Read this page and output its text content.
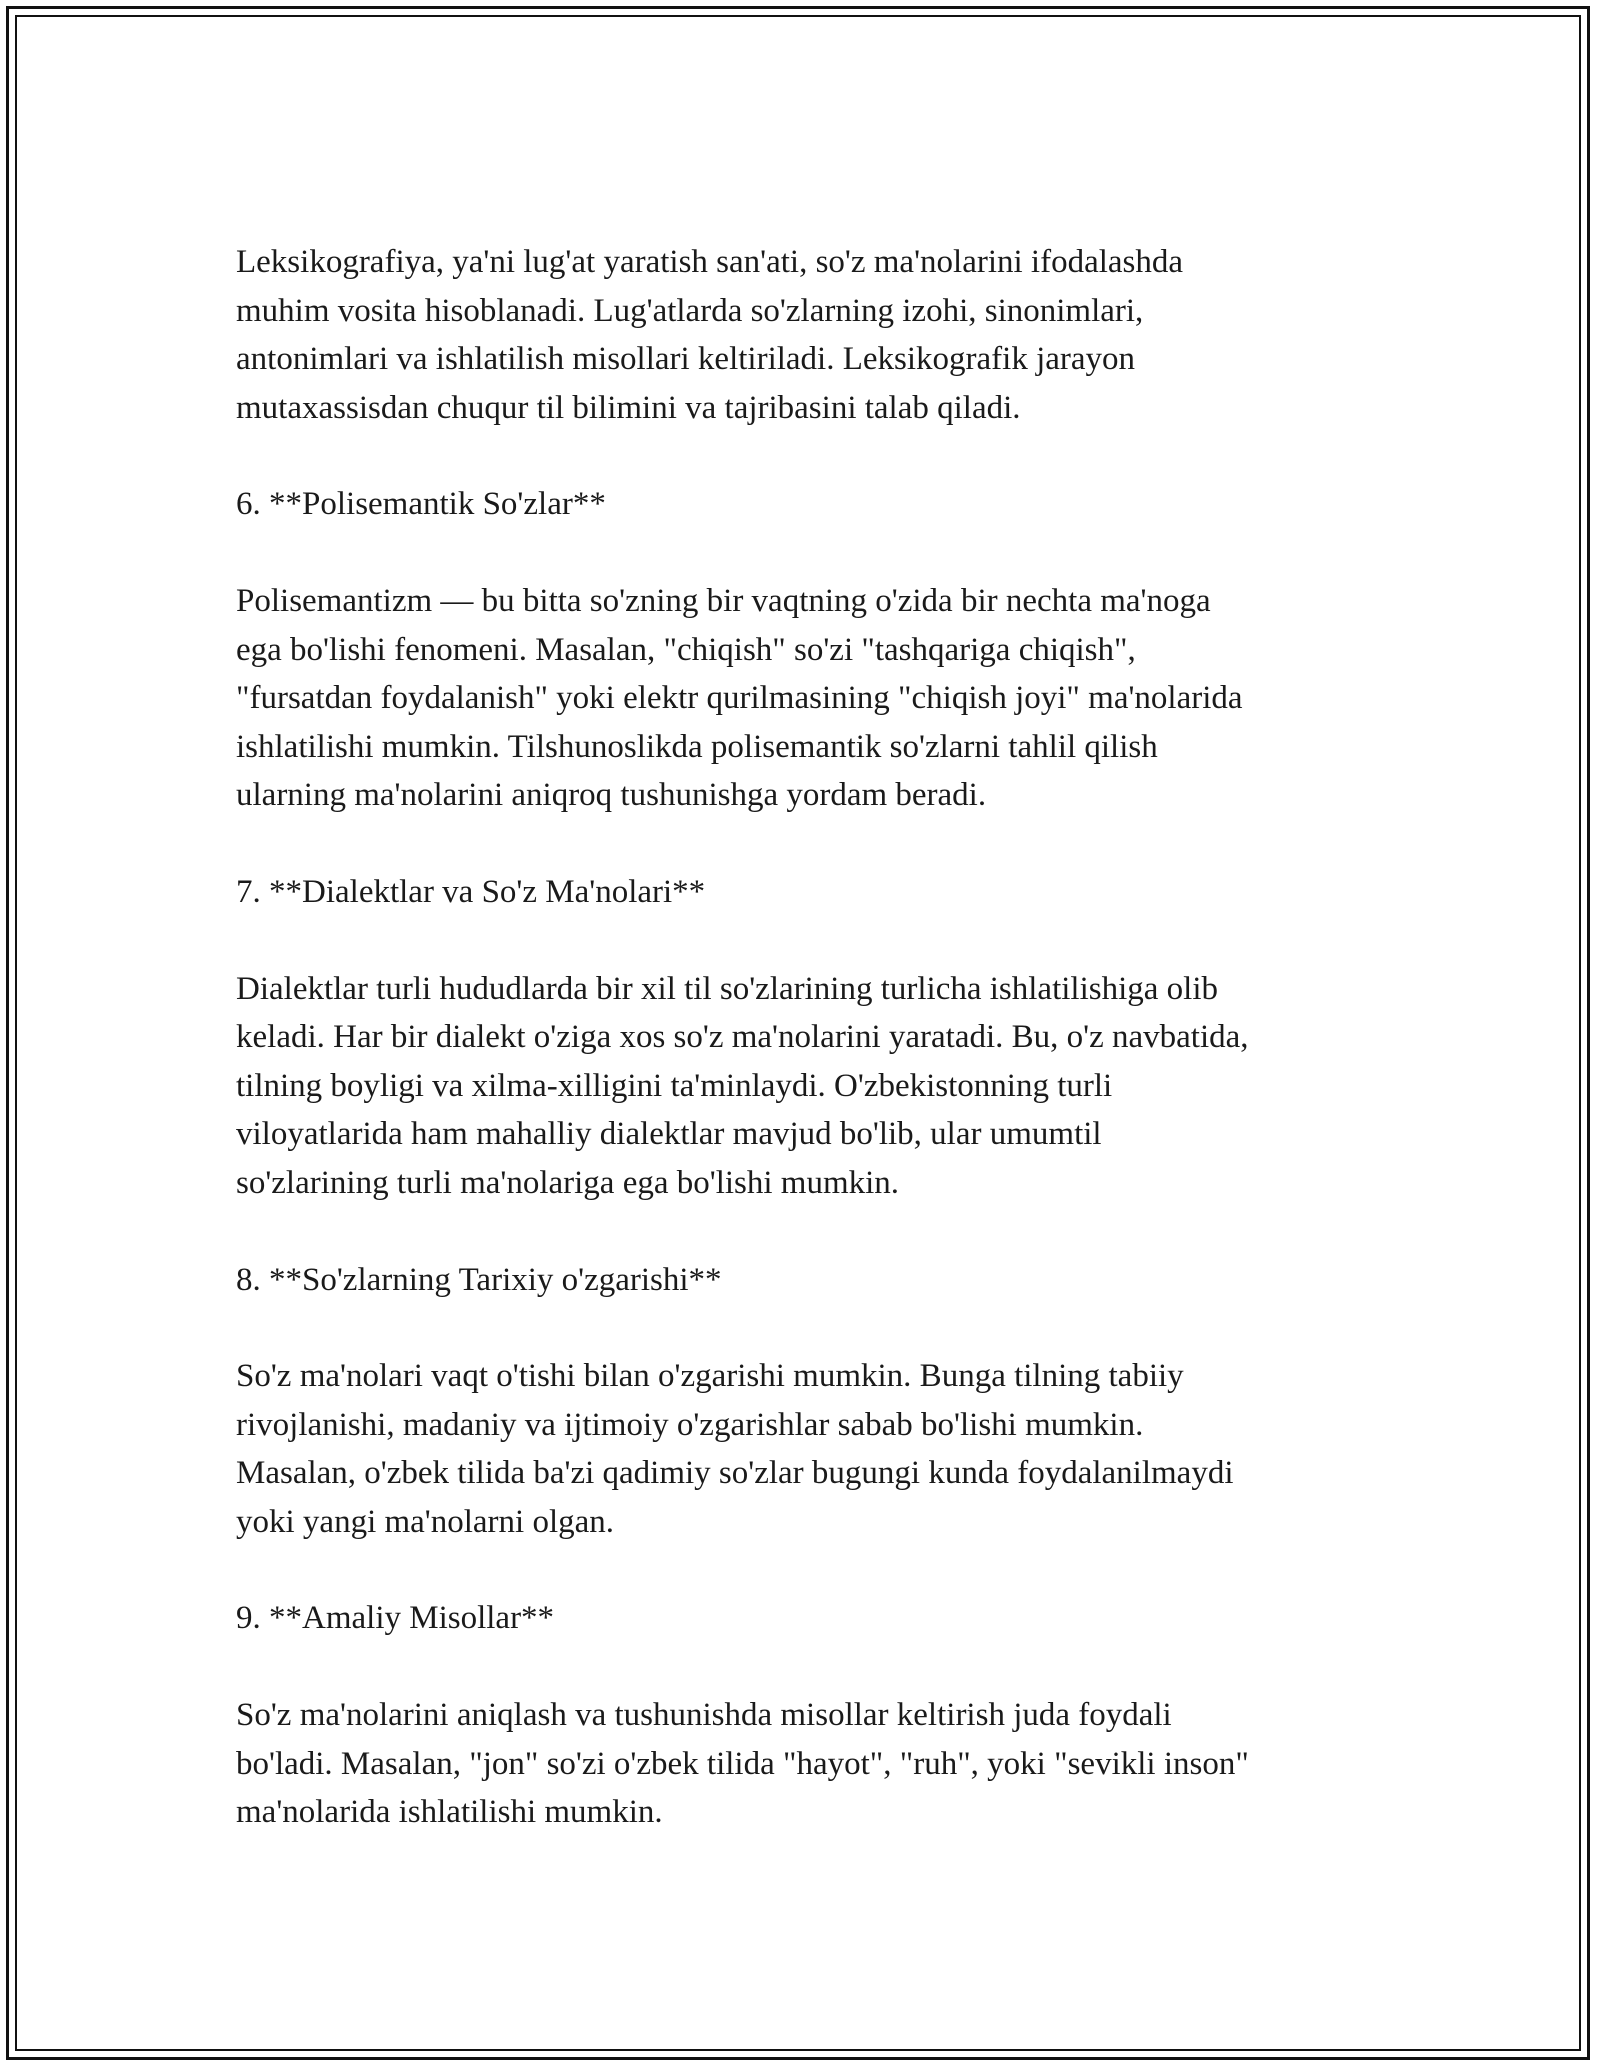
Leksikografiya, ya'ni lug'at yaratish san'ati, so'z ma'nolarini ifodalashda
muhim vosita hisoblanadi. Lug'atlarda so'zlarning izohi, sinonimlari,
antonimlari va ishlatilish misollari keltiriladi. Leksikografik jarayon
mutaxassisdan chuqur til bilimini va tajribasini talab qiladi.

6. **Polisemantik So'zlar**

Polisemantizm — bu bitta so'zning bir vaqtning o'zida bir nechta ma'noga
ega bo'lishi fenomeni. Masalan, "chiqish" so'zi "tashqariga chiqish",
"fursatdan foydalanish" yoki elektr qurilmasining "chiqish joyi" ma'nolarida
ishlatilishi mumkin. Tilshunoslikda polisemantik so'zlarni tahlil qilish
ularning ma'nolarini aniqroq tushunishga yordam beradi.

7. **Dialektlar va So'z Ma'nolari**

Dialektlar turli hududlarda bir xil til so'zlarining turlicha ishlatilishiga olib
keladi. Har bir dialekt o'ziga xos so'z ma'nolarini yaratadi. Bu, o'z navbatida,
tilning boyligi va xilma-xilligini ta'minlaydi. O'zbekistonning turli
viloyatlarida ham mahalliy dialektlar mavjud bo'lib, ular umumtil
so'zlarining turli ma'nolariga ega bo'lishi mumkin.

8. **So'zlarning Tarixiy o'zgarishi**

So'z ma'nolari vaqt o'tishi bilan o'zgarishi mumkin. Bunga tilning tabiiy
rivojlanishi, madaniy va ijtimoiy o'zgarishlar sabab bo'lishi mumkin.
Masalan, o'zbek tilida ba'zi qadimiy so'zlar bugungi kunda foydalanilmaydi
yoki yangi ma'nolarni olgan.

9. **Amaliy Misollar**

So'z ma'nolarini aniqlash va tushunishda misollar keltirish juda foydali
bo'ladi. Masalan, "jon" so'zi o'zbek tilida "hayot", "ruh", yoki "sevikli inson"
ma'nolarida ishlatilishi mumkin.
